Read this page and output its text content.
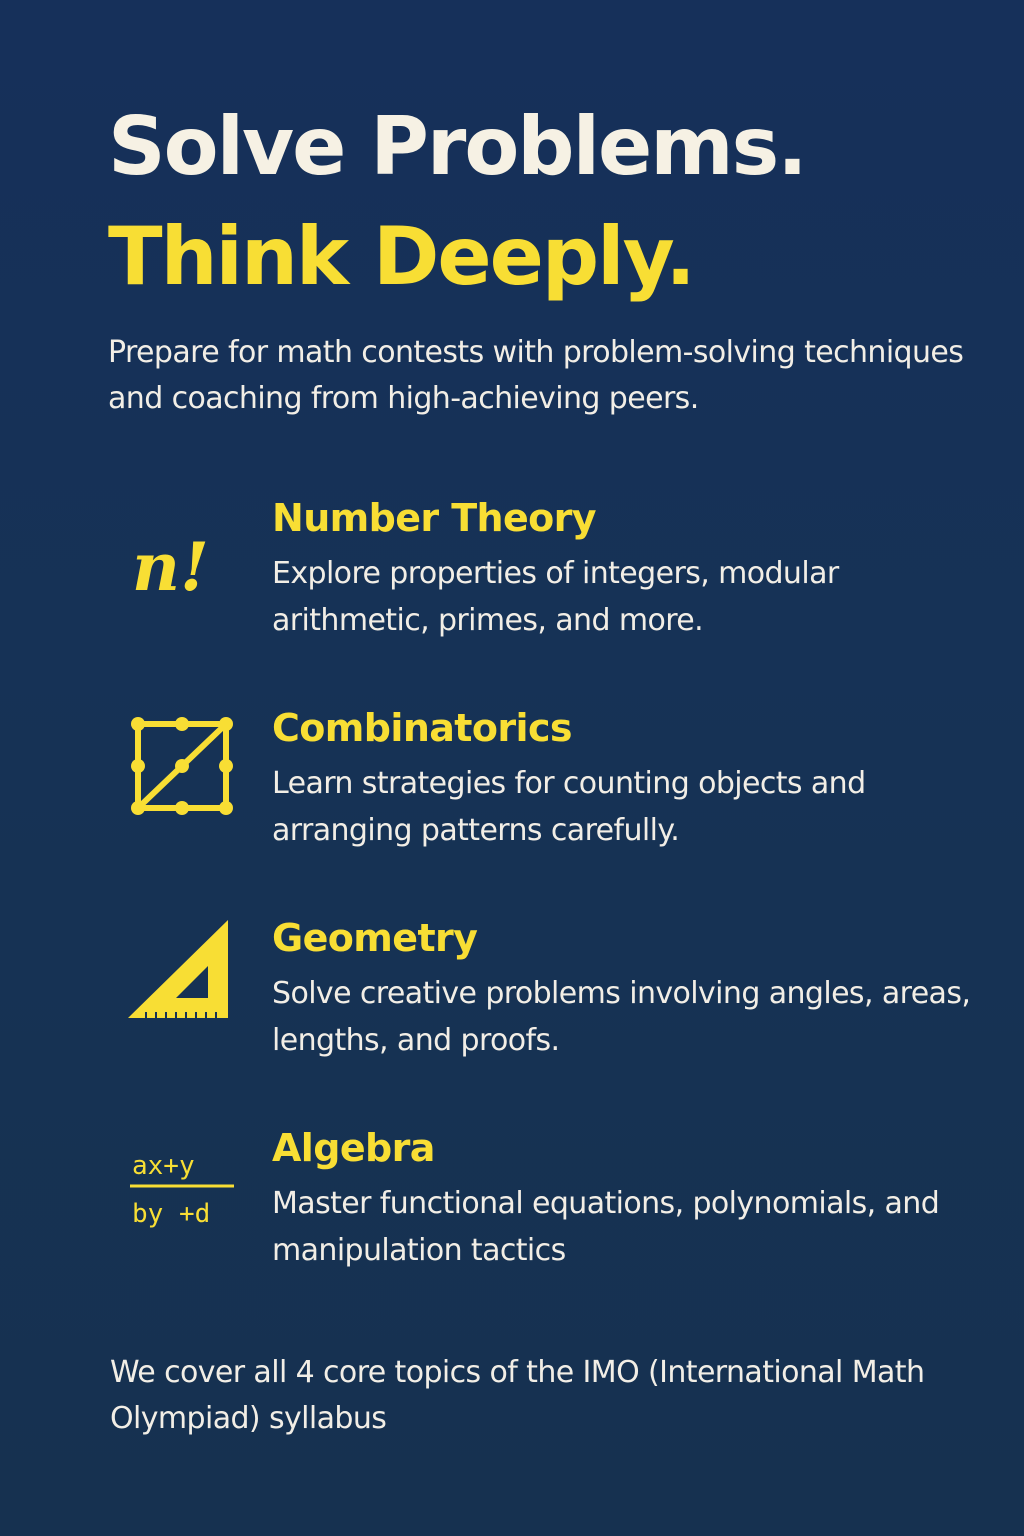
Solve Problems.
Think Deeply.

Prepare for math contests with problem-solving techniques and coaching from high-achieving peers.

n!
Number Theory

Explore properties of integers, modular arithmetic, primes, and more.

Combinatorics

Learn strategies for counting objects and arranging patterns carefully.

Geometry

Solve creative problems involving angles, areas, lengths, and proofs.

ax+y
by +d
Algebra

Master functional equations, polynomials, and manipulation tactics

We cover all 4 core topics of the IMO (International Math Olympiad) syllabus
